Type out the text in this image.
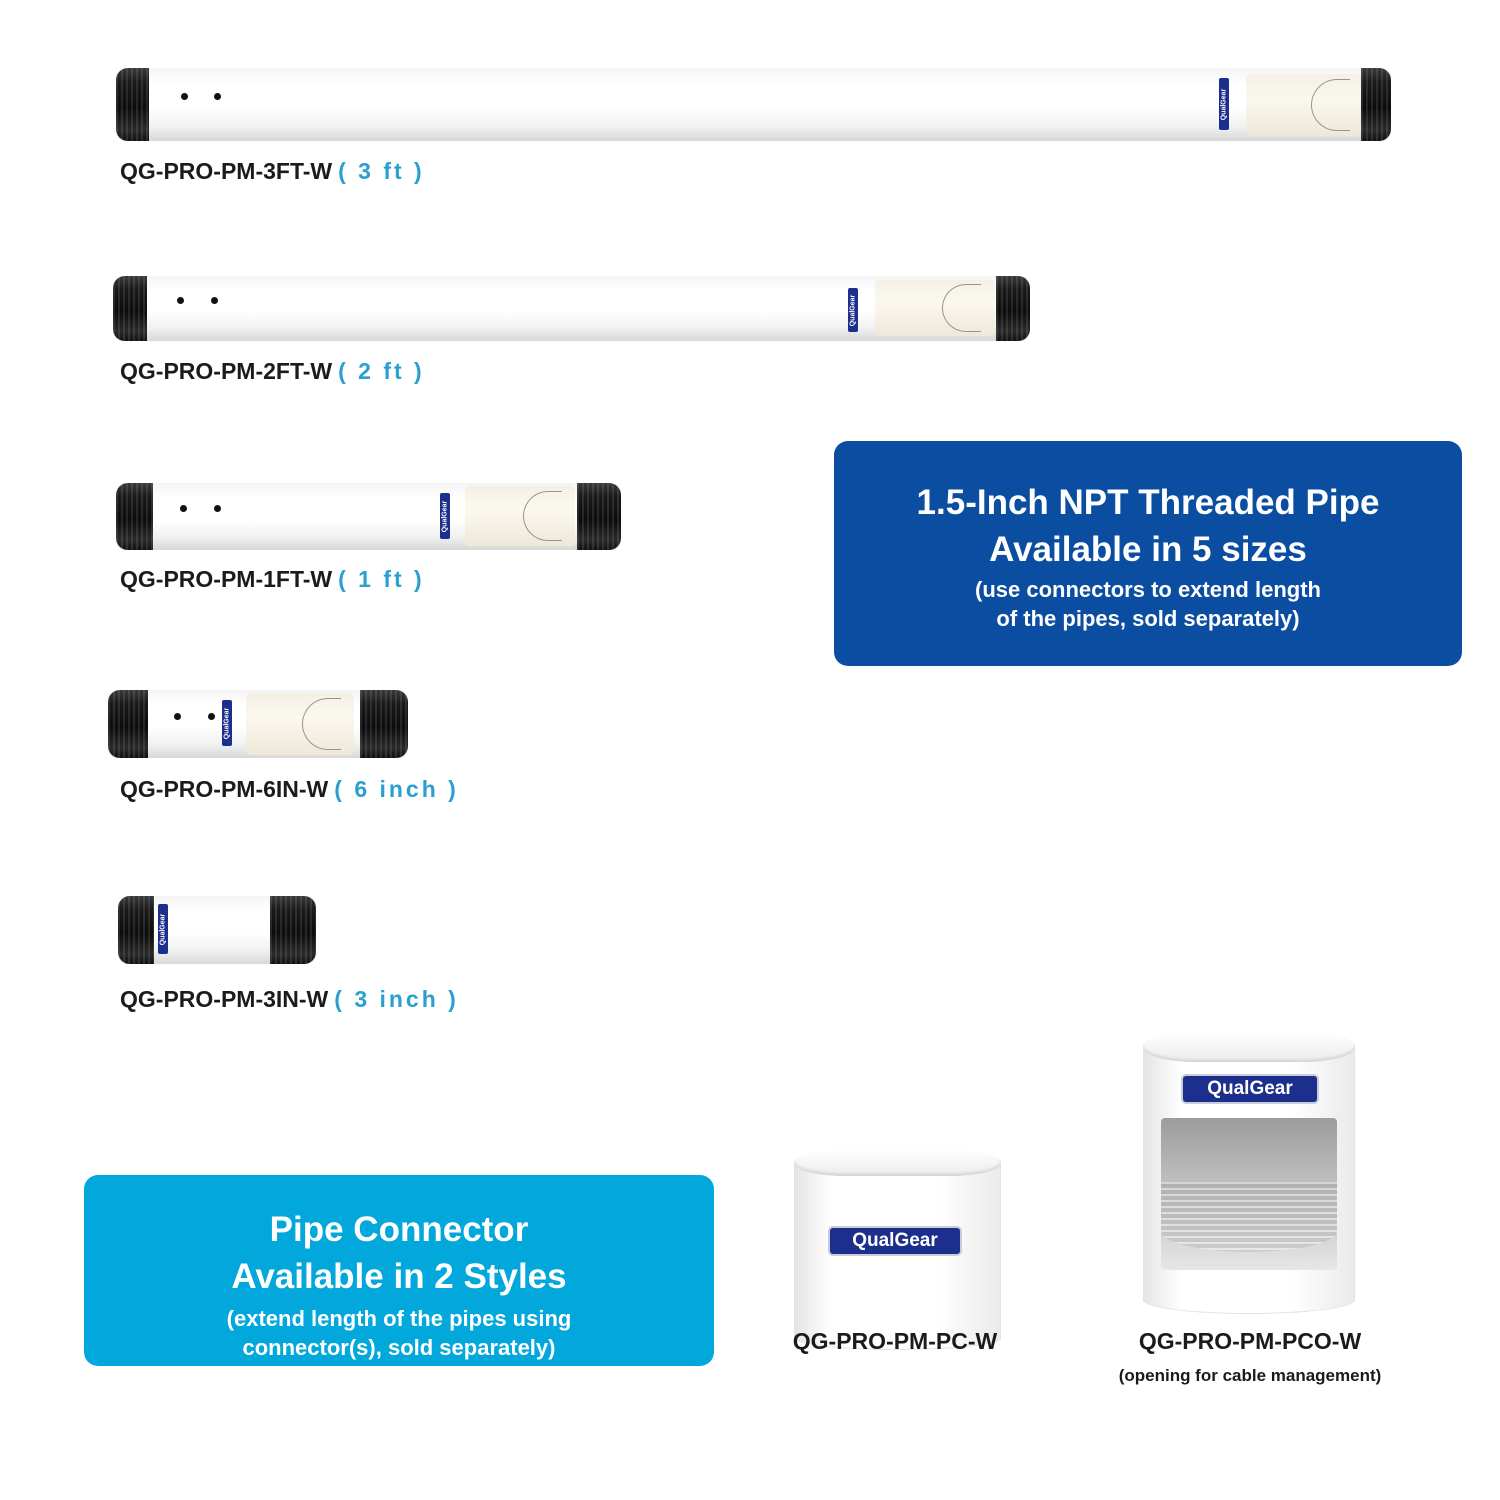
QualGear
QG-PRO-PM-3FT-W ( 3 ft )
QualGear
QG-PRO-PM-2FT-W ( 2 ft )
QualGear
QG-PRO-PM-1FT-W ( 1 ft )
QualGear
QG-PRO-PM-6IN-W ( 6 inch )
QualGear
QG-PRO-PM-3IN-W ( 3 inch )
1.5-Inch NPT Threaded Pipe
Available in 5 sizes
(use connectors to extend length
of the pipes, sold separately)
Pipe Connector
Available in 2 Styles
(extend length of the pipes using
connector(s), sold separately)
QualGear
QG-PRO-PM-PC-W
QualGear
QG-PRO-PM-PCO-W
(opening for cable management)
